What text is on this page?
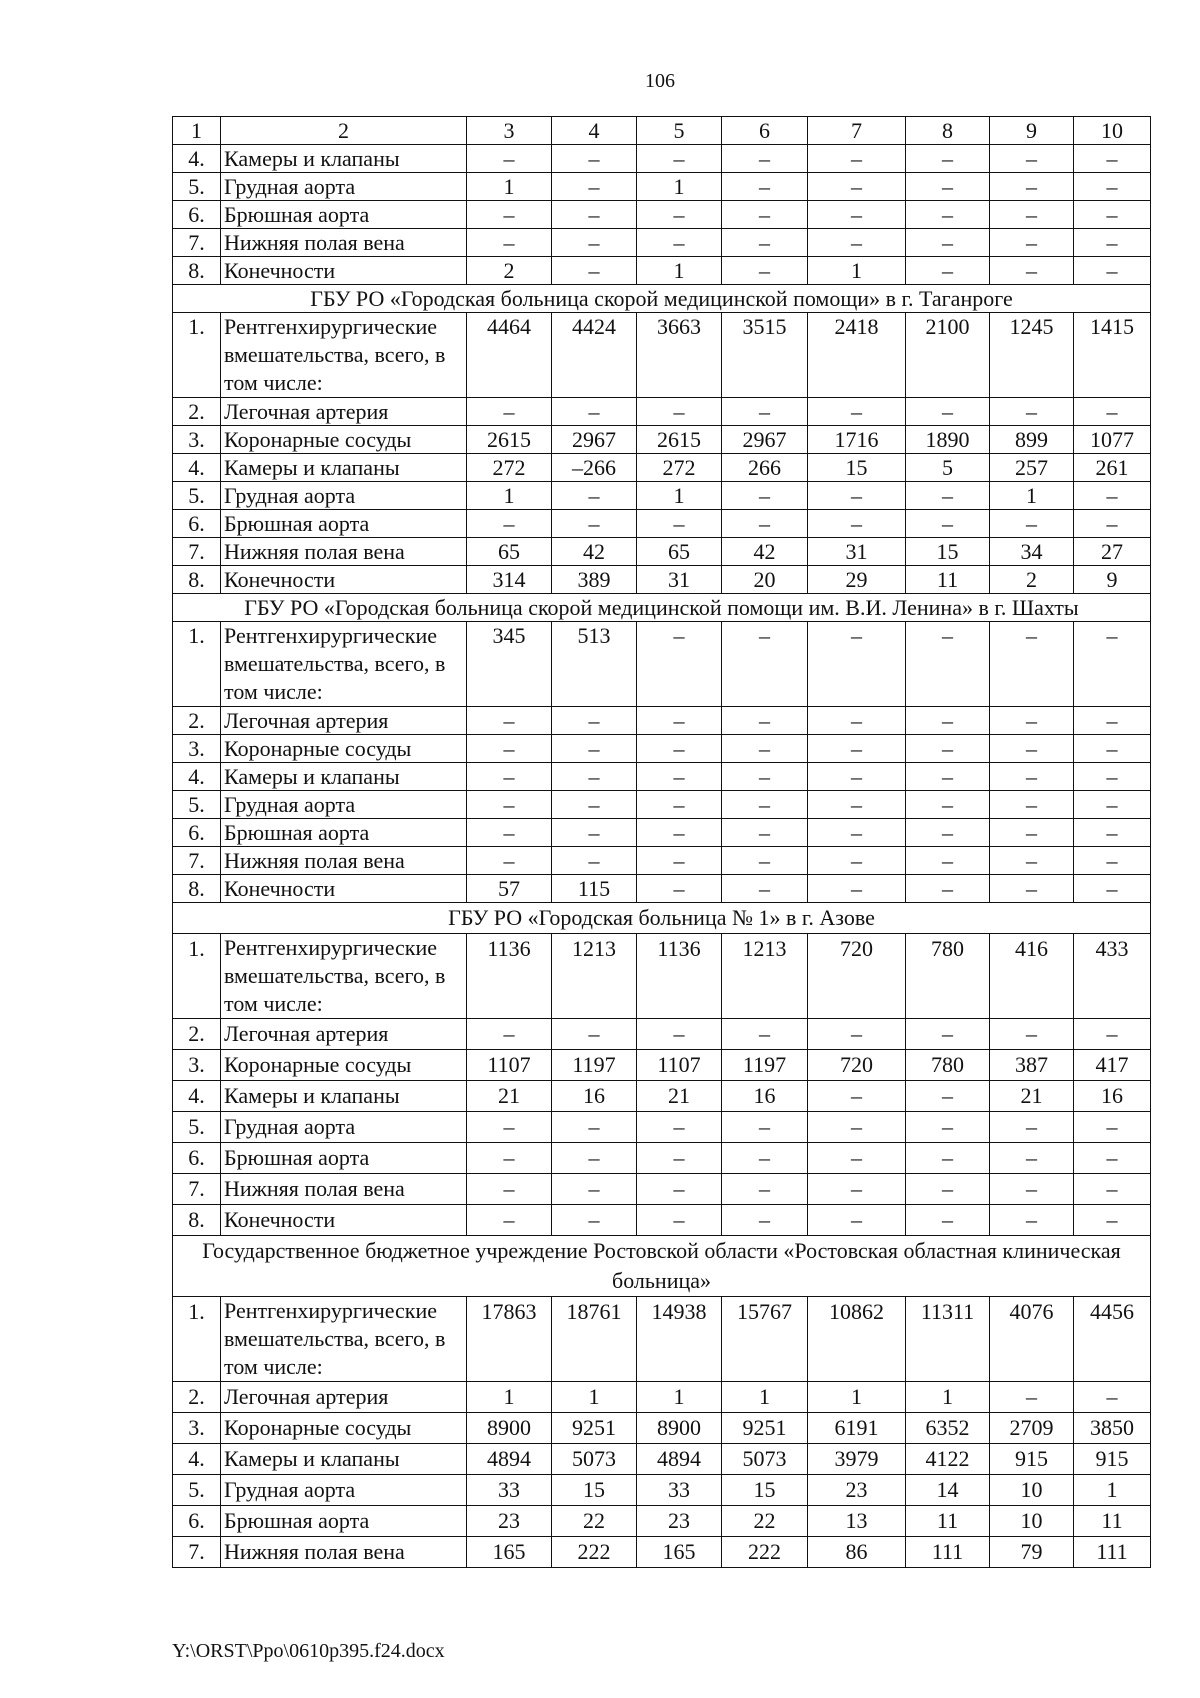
106
1	2	3	4	5	6	7	8	9	10
4.	Камеры и клапаны	–	–	–	–	–	–	–	–
5.	Грудная аорта	1	–	1	–	–	–	–	–
6.	Брюшная аорта	–	–	–	–	–	–	–	–
7.	Нижняя полая вена	–	–	–	–	–	–	–	–
8.	Конечности	2	–	1	–	1	–	–	–
ГБУ РО «Городская больница скорой медицинской помощи» в г. Таганроге									
1.	Рентгенхирургические вмешательства, всего, в том числе:	4464	4424	3663	3515	2418	2100	1245	1415
2.	Легочная артерия	–	–	–	–	–	–	–	–
3.	Коронарные сосуды	2615	2967	2615	2967	1716	1890	899	1077
4.	Камеры и клапаны	272	–266	272	266	15	5	257	261
5.	Грудная аорта	1	–	1	–	–	–	1	–
6.	Брюшная аорта	–	–	–	–	–	–	–	–
7.	Нижняя полая вена	65	42	65	42	31	15	34	27
8.	Конечности	314	389	31	20	29	11	2	9
ГБУ РО «Городская больница скорой медицинской помощи им. В.И. Ленина» в г. Шахты									
1.	Рентгенхирургические вмешательства, всего, в том числе:	345	513	–	–	–	–	–	–
2.	Легочная артерия	–	–	–	–	–	–	–	–
3.	Коронарные сосуды	–	–	–	–	–	–	–	–
4.	Камеры и клапаны	–	–	–	–	–	–	–	–
5.	Грудная аорта	–	–	–	–	–	–	–	–
6.	Брюшная аорта	–	–	–	–	–	–	–	–
7.	Нижняя полая вена	–	–	–	–	–	–	–	–
8.	Конечности	57	115	–	–	–	–	–	–
ГБУ РО «Городская больница № 1» в г. Азове									
1.	Рентгенхирургические вмешательства, всего, в том числе:	1136	1213	1136	1213	720	780	416	433
2.	Легочная артерия	–	–	–	–	–	–	–	–
3.	Коронарные сосуды	1107	1197	1107	1197	720	780	387	417
4.	Камеры и клапаны	21	16	21	16	–	–	21	16
5.	Грудная аорта	–	–	–	–	–	–	–	–
6.	Брюшная аорта	–	–	–	–	–	–	–	–
7.	Нижняя полая вена	–	–	–	–	–	–	–	–
8.	Конечности	–	–	–	–	–	–	–	–
Государственное бюджетное учреждение Ростовской области «Ростовская областная клиническая больница»									
1.	Рентгенхирургические вмешательства, всего, в том числе:	17863	18761	14938	15767	10862	11311	4076	4456
2.	Легочная артерия	1	1	1	1	1	1	–	–
3.	Коронарные сосуды	8900	9251	8900	9251	6191	6352	2709	3850
4.	Камеры и клапаны	4894	5073	4894	5073	3979	4122	915	915
5.	Грудная аорта	33	15	33	15	23	14	10	1
6.	Брюшная аорта	23	22	23	22	13	11	10	11
7.	Нижняя полая вена	165	222	165	222	86	111	79	111
Y:\ORST\Ppo\0610p395.f24.docx
